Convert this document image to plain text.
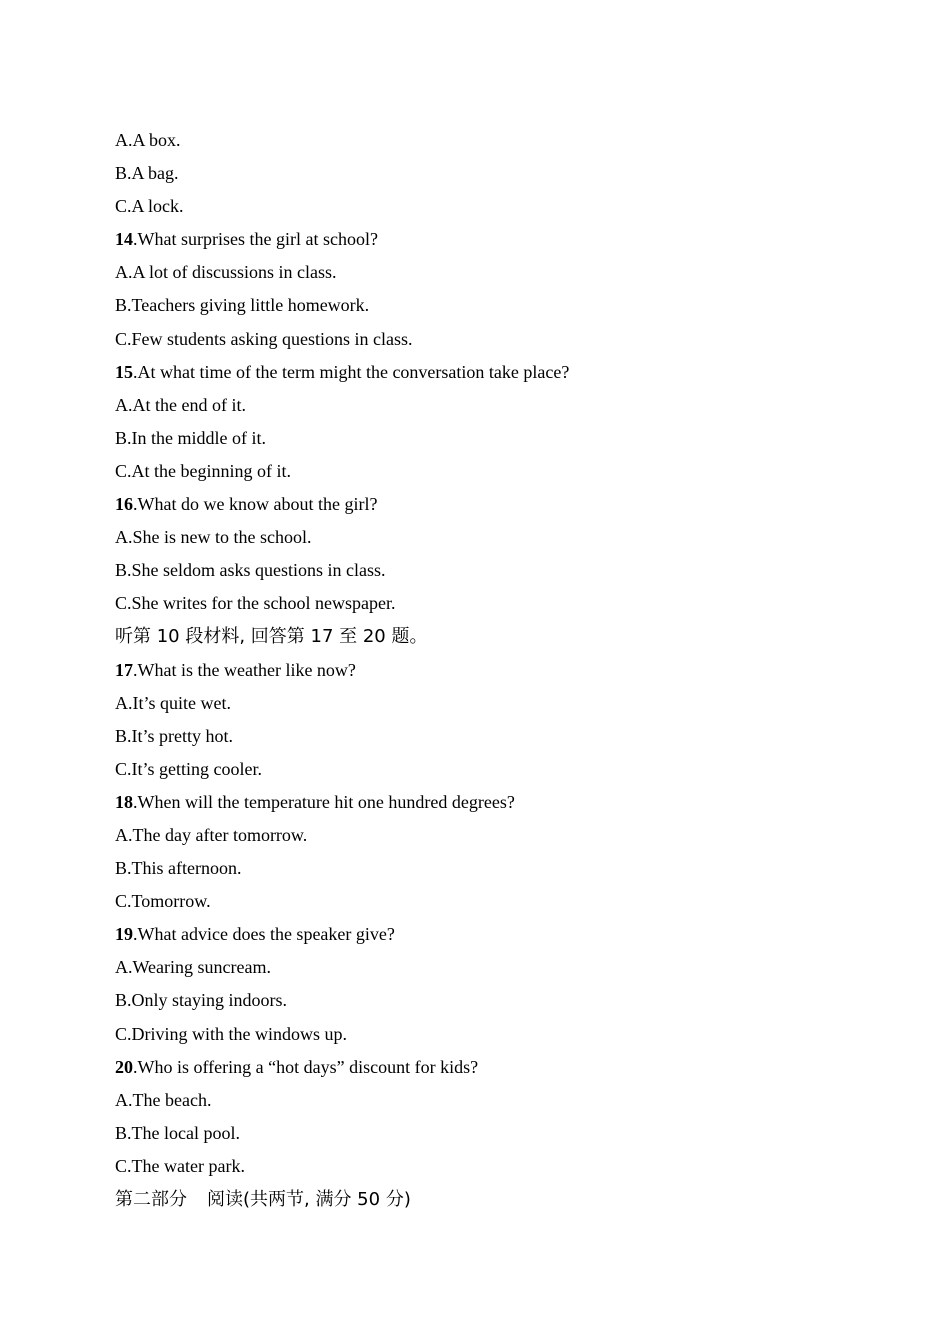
A.A box.
B.A bag.
C.A lock.
14.What surprises the girl at school?
A.A lot of discussions in class.
B.Teachers giving little homework.
C.Few students asking questions in class.
15.At what time of the term might the conversation take place?
A.At the end of it.
B.In the middle of it.
C.At the beginning of it.
16.What do we know about the girl?
A.She is new to the school.
B.She seldom asks questions in class.
C.She writes for the school newspaper.
听第 10 段材料, 回答第 17 至 20 题。
17.What is the weather like now?
A.It’s quite wet.
B.It’s pretty hot.
C.It’s getting cooler.
18.When will the temperature hit one hundred degrees?
A.The day after tomorrow.
B.This afternoon.
C.Tomorrow.
19.What advice does the speaker give?
A.Wearing suncream.
B.Only staying indoors.
C.Driving with the windows up.
20.Who is offering a “hot days” discount for kids?
A.The beach.
B.The local pool.
C.The water park.
第二部分 阅读(共两节, 满分 50 分)
